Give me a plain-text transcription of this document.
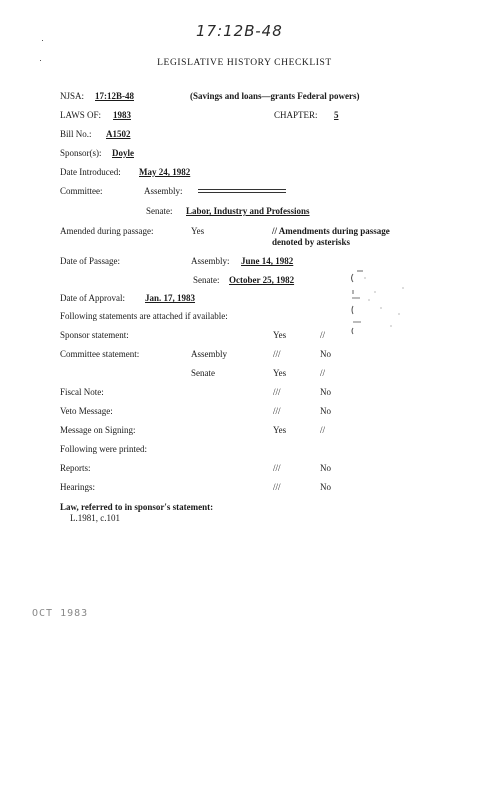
17:12B-48
LEGISLATIVE HISTORY CHECKLIST
NJSA: 17:12B-48	(Savings and loans—grants Federal powers)
LAWS OF: 1983	CHAPTER: 5
Bill No.: A1502
Sponsor(s): Doyle
Date Introduced: May 24, 1982
Committee:	Assembly:
Senate: Labor, Industry and Professions
Amended during passage:	Yes	// Amendments during passage
denoted by asterisks
Date of Passage:	Assembly: June 14, 1982
Senate: October 25, 1982
Date of Approval: Jan. 17, 1983
Following statements are attached if available:
Sponsor statement:	Yes	//
Committee statement:	Assembly	///	No
Senate	Yes	//
Fiscal Note:	///	No
Veto Message:	///	No
Message on Signing:	Yes	//
Following were printed:
Reports:	///	No
Hearings:	///	No
Law, referred to in sponsor's statement:
L.1981, c.101
OCT 1983
